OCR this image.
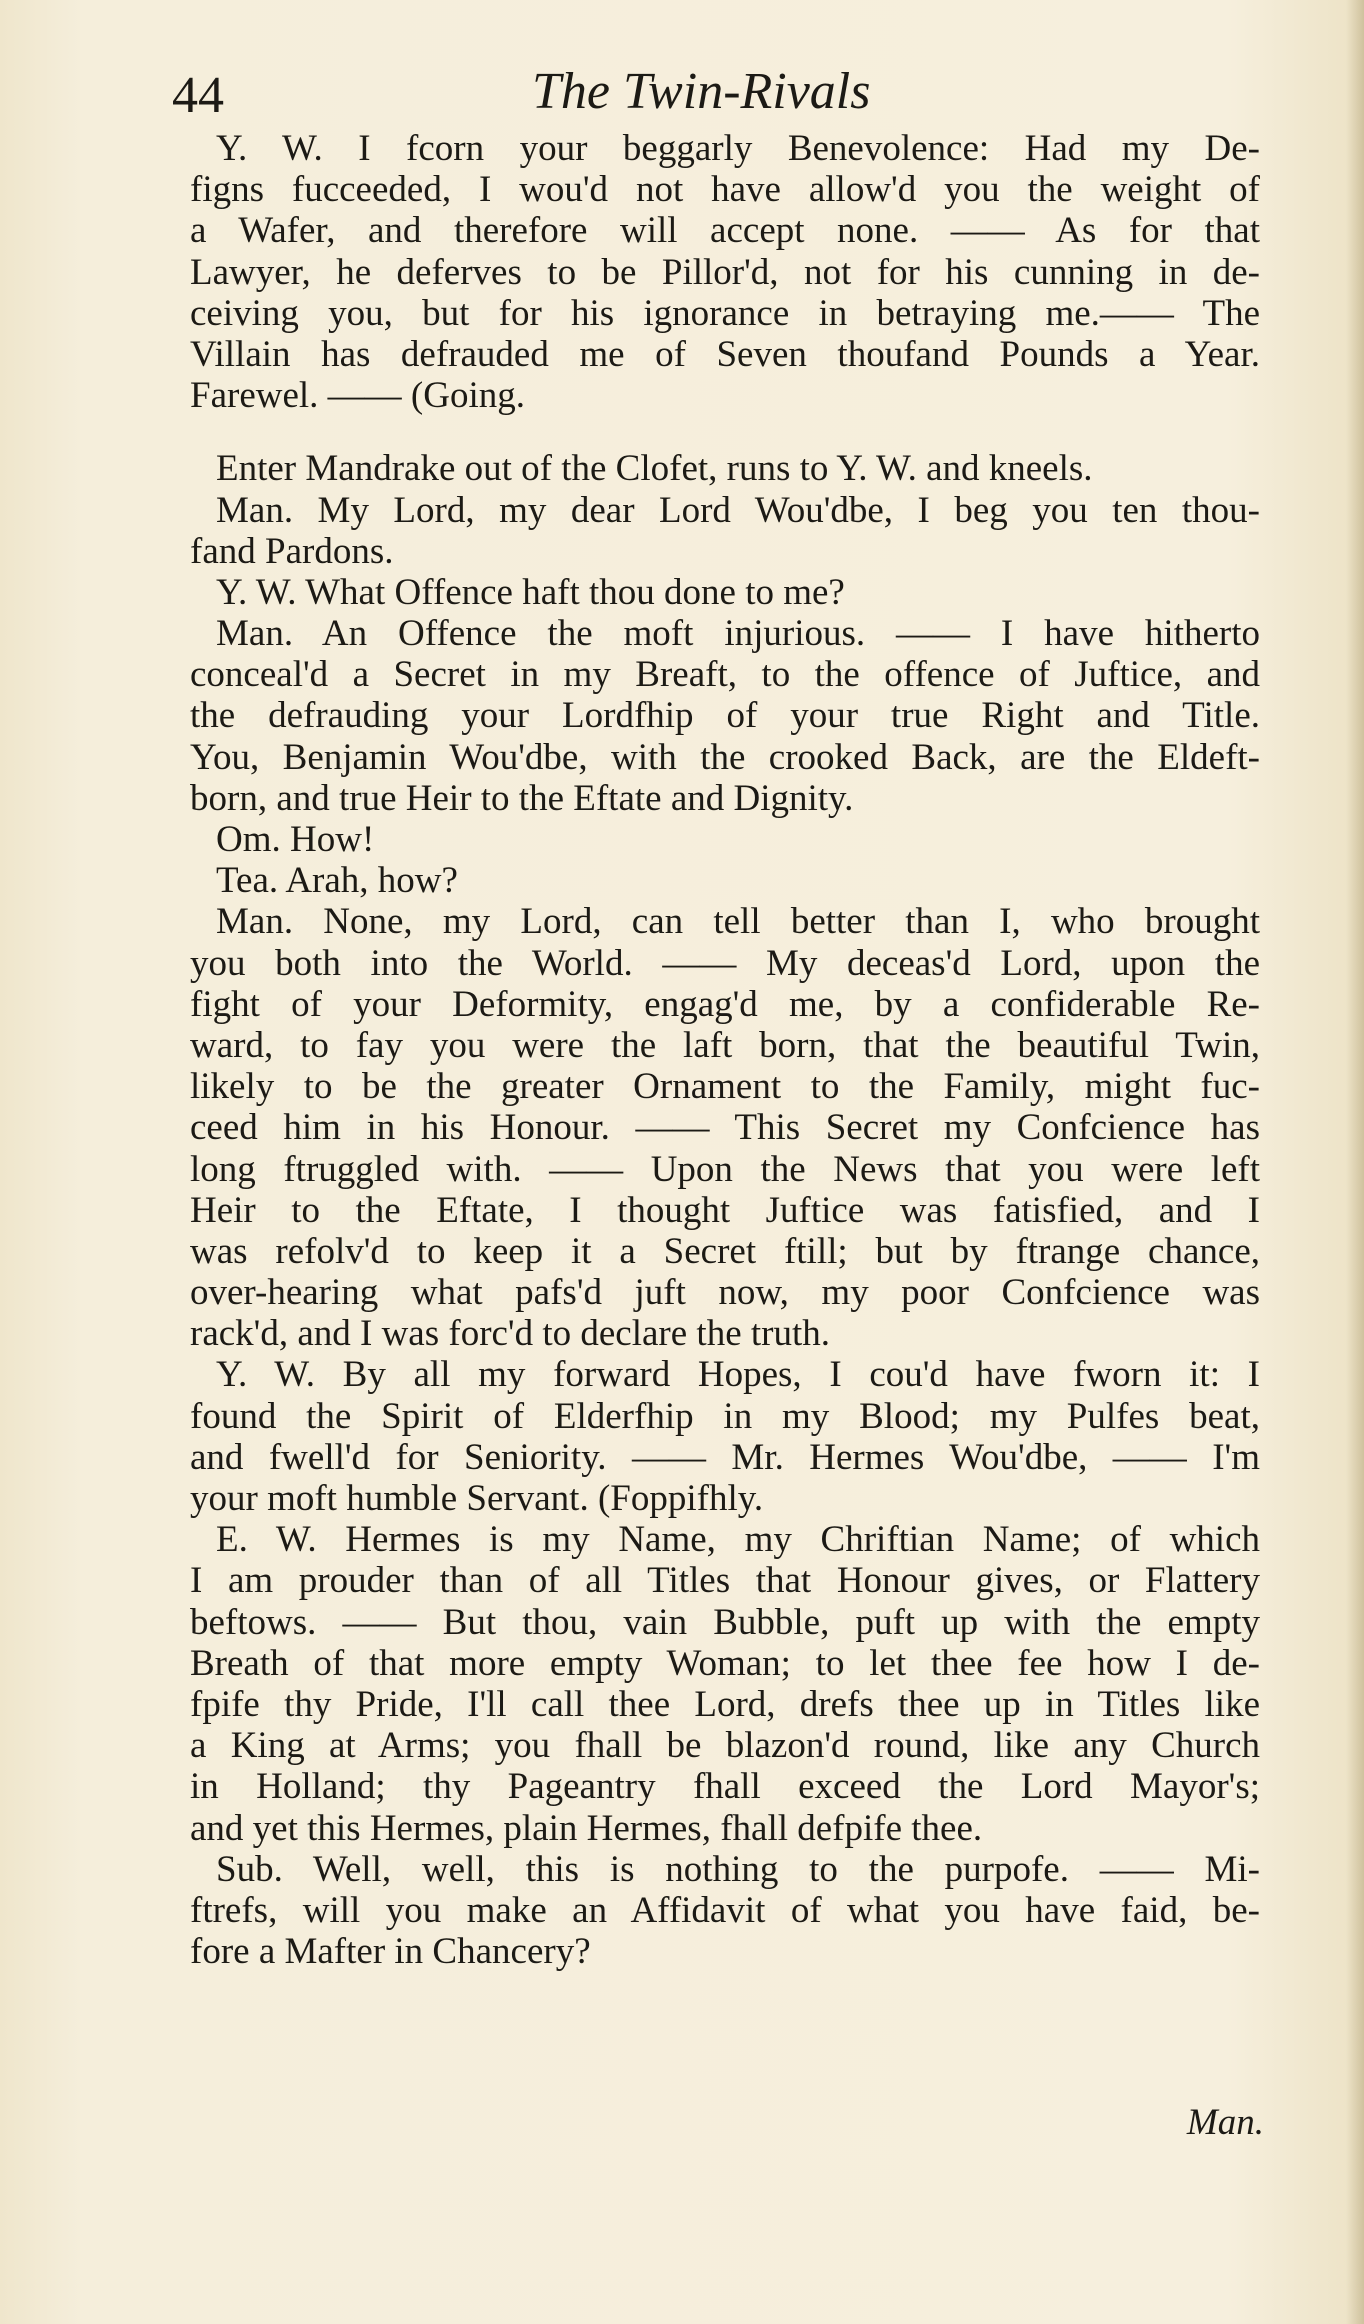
44	The Twin-Rivals
Y. W. I fcorn your beggarly Benevolence: Had my De-
figns fucceeded, I wou'd not have allow'd you the weight of
a Wafer, and therefore will accept none. —— As for that
Lawyer, he deferves to be Pillor'd, not for his cunning in de-
ceiving you, but for his ignorance in betraying me.—— The
Villain has defrauded me of Seven thoufand Pounds a Year.
Farewel. —— (Going.
Enter Mandrake out of the Clofet, runs to Y. W. and kneels.
Man. My Lord, my dear Lord Wou'dbe, I beg you ten thou-
fand Pardons.
Y. W. What Offence haft thou done to me?
Man. An Offence the moft injurious. —— I have hitherto
conceal'd a Secret in my Breaft, to the offence of Juftice, and
the defrauding your Lordfhip of your true Right and Title.
You, Benjamin Wou'dbe, with the crooked Back, are the Eldeft-
born, and true Heir to the Eftate and Dignity.
Om. How!
Tea. Arah, how?
Man. None, my Lord, can tell better than I, who brought
you both into the World. —— My deceas'd Lord, upon the
fight of your Deformity, engag'd me, by a confiderable Re-
ward, to fay you were the laft born, that the beautiful Twin,
likely to be the greater Ornament to the Family, might fuc-
ceed him in his Honour. —— This Secret my Confcience has
long ftruggled with. —— Upon the News that you were left
Heir to the Eftate, I thought Juftice was fatisfied, and I
was refolv'd to keep it a Secret ftill; but by ftrange chance,
over-hearing what pafs'd juft now, my poor Confcience was
rack'd, and I was forc'd to declare the truth.
Y. W. By all my forward Hopes, I cou'd have fworn it: I
found the Spirit of Elderfhip in my Blood; my Pulfes beat,
and fwell'd for Seniority. —— Mr. Hermes Wou'dbe, —— I'm
your moft humble Servant. (Foppifhly.
E. W. Hermes is my Name, my Chriftian Name; of which
I am prouder than of all Titles that Honour gives, or Flattery
beftows. —— But thou, vain Bubble, puft up with the empty
Breath of that more empty Woman; to let thee fee how I de-
fpife thy Pride, I'll call thee Lord, drefs thee up in Titles like
a King at Arms; you fhall be blazon'd round, like any Church
in Holland; thy Pageantry fhall exceed the Lord Mayor's;
and yet this Hermes, plain Hermes, fhall defpife thee.
Sub. Well, well, this is nothing to the purpofe. —— Mi-
ftrefs, will you make an Affidavit of what you have faid, be-
fore a Mafter in Chancery?
Man.
